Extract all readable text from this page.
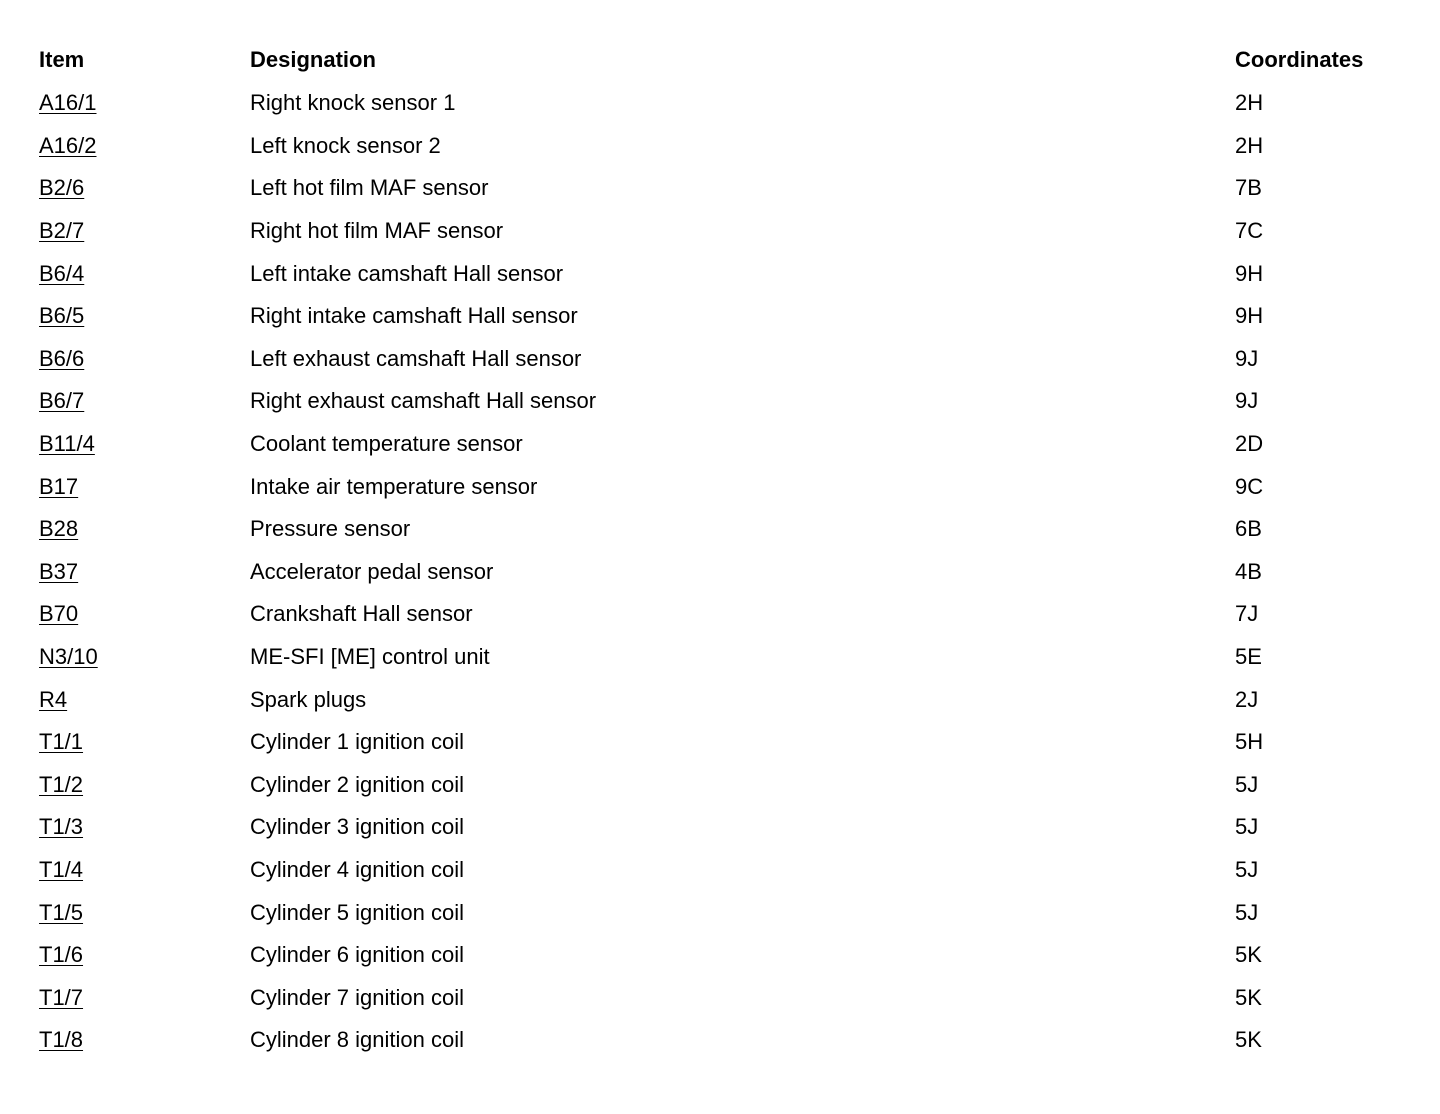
Item	Designation	Coordinates
A16/1	Right knock sensor 1	2H
A16/2	Left knock sensor 2	2H
B2/6	Left hot film MAF sensor	7B
B2/7	Right hot film MAF sensor	7C
B6/4	Left intake camshaft Hall sensor	9H
B6/5	Right intake camshaft Hall sensor	9H
B6/6	Left exhaust camshaft Hall sensor	9J
B6/7	Right exhaust camshaft Hall sensor	9J
B11/4	Coolant temperature sensor	2D
B17	Intake air temperature sensor	9C
B28	Pressure sensor	6B
B37	Accelerator pedal sensor	4B
B70	Crankshaft Hall sensor	7J
N3/10	ME-SFI [ME] control unit	5E
R4	Spark plugs	2J
T1/1	Cylinder 1 ignition coil	5H
T1/2	Cylinder 2 ignition coil	5J
T1/3	Cylinder 3 ignition coil	5J
T1/4	Cylinder 4 ignition coil	5J
T1/5	Cylinder 5 ignition coil	5J
T1/6	Cylinder 6 ignition coil	5K
T1/7	Cylinder 7 ignition coil	5K
T1/8	Cylinder 8 ignition coil	5K
